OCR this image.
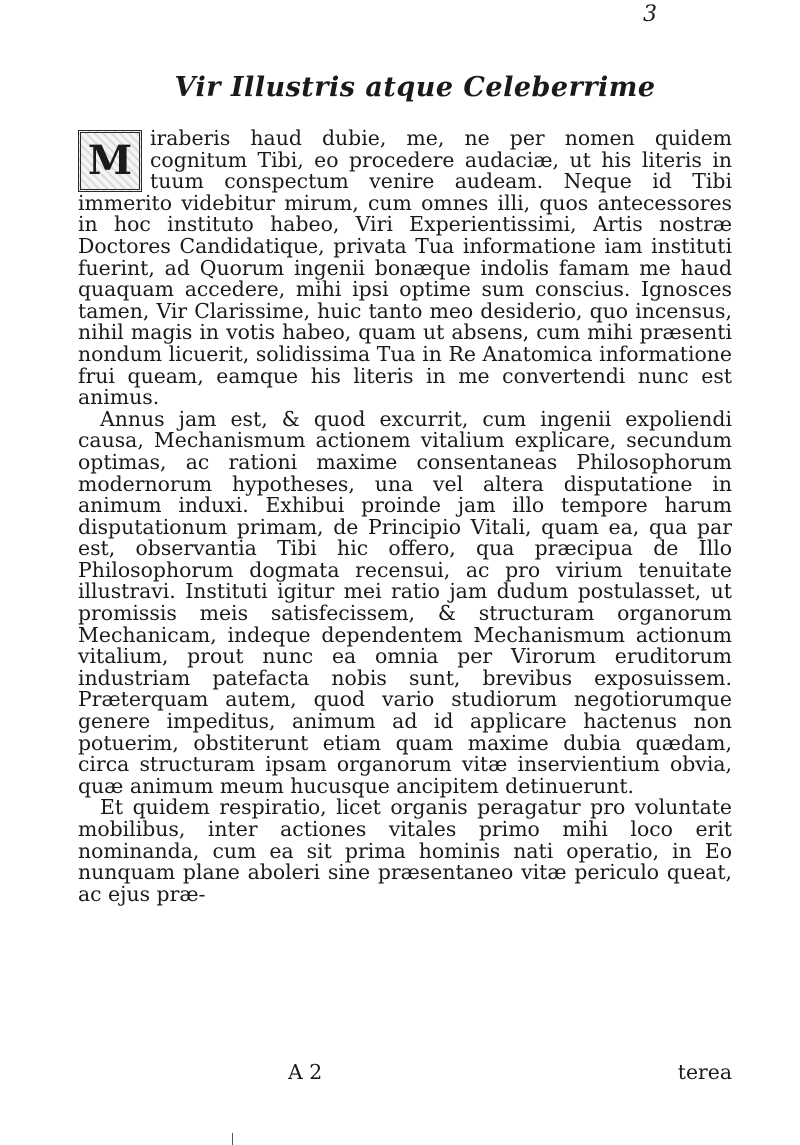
3
Vir Illustris atque Celeberrime

M iraberis haud dubie, me, ne per nomen quidem cognitum Tibi, eo procedere audaciæ, ut his literis in tuum conspectum venire audeam. Neque id Tibi immerito videbitur mirum, cum omnes illi, quos antecessores in hoc instituto habeo, Viri Experientissimi, Artis nostræ Doctores Candidatique, privata Tua informatione iam instituti fuerint, ad Quorum ingenii bonæque indolis famam me haud quaquam accedere, mihi ipsi optime sum conscius. Ignosces tamen, Vir Clarissime, huic tanto meo desiderio, quo incensus, nihil magis in votis habeo, quam ut absens, cum mihi præsenti nondum licuerit, solidissima Tua in Re Anatomica informatione frui queam, eamque his literis in me convertendi nunc est animus.

Annus jam est, & quod excurrit, cum ingenii expoliendi causa, Mechanismum actionem vitalium explicare, secundum optimas, ac rationi maxime consentaneas Philosophorum modernorum hypotheses, una vel altera disputatione in animum induxi. Exhibui proinde jam illo tempore harum disputationum primam, de Principio Vitali, quam ea, qua par est, observantia Tibi hic offero, qua præcipua de Illo Philosophorum dogmata recensui, ac pro virium tenuitate illustravi. Instituti igitur mei ratio jam dudum postulasset, ut promissis meis satisfecissem, & structuram organorum Mechanicam, indeque dependentem Mechanismum actionum vitalium, prout nunc ea omnia per Virorum eruditorum industriam patefacta nobis sunt, brevibus exposuissem. Præterquam autem, quod vario studiorum negotiorumque genere impeditus, animum ad id applicare hactenus non potuerim, obstiterunt etiam quam maxime dubia quædam, circa structuram ipsam organorum vitæ inservientium obvia, quæ animum meum hucusque ancipitem detinuerunt.

Et quidem respiratio, licet organis peragatur pro voluntate mobilibus, inter actiones vitales primo mihi loco erit nominanda, cum ea sit prima hominis nati operatio, in Eo nunquam plane aboleri sine præsentaneo vitæ periculo queat, ac ejus præ-

A 2	terea
